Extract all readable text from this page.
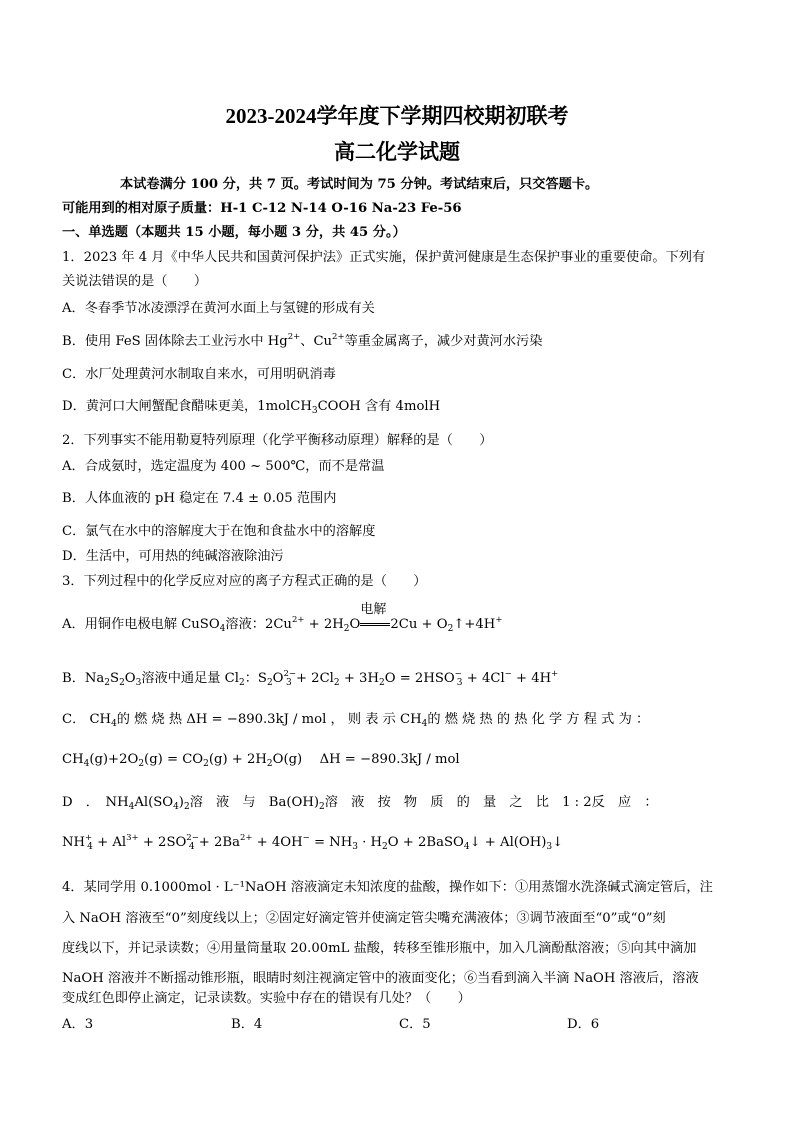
2023-2024学年度下学期四校期初联考
高二化学试题
本试卷满分 100 分，共 7 页。考试时间为 75 分钟。考试结束后，只交答题卡。
可能用到的相对原子质量：H-1 C-12 N-14 O-16 Na-23 Fe-56
一、单选题（本题共 15 小题，每小题 3 分，共 45 分。）
1．2023 年 4 月《中华人民共和国黄河保护法》正式实施，保护黄河健康是生态保护事业的重要使命。下列有
关说法错误的是（　　）
A．冬春季节冰凌漂浮在黄河水面上与氢键的形成有关
B．使用 FeS 固体除去工业污水中 $Hg^{2+}$、$Cu^{2+}$等重金属离子，减少对黄河水污染
C．水厂处理黄河水制取自来水，可用明矾消毒
D．黄河口大闸蟹配食醋味更美，1molCH$_3$COOH 含有 4molH
2．下列事实不能用勒夏特列原理（化学平衡移动原理）解释的是（　　）
A．合成氨时，选定温度为 400 ~ 500℃，而不是常温
B．人体血液的 pH 稳定在 7.4 ± 0.05 范围内
C．氯气在水中的溶解度大于在饱和食盐水中的溶解度
D．生活中，可用热的纯碱溶液除油污
3．下列过程中的化学反应对应的离子方程式正确的是（　　）
A．用铜作电极电解 CuSO$_4$溶液：$2Cu^{2+} + 2H_2O$
电解
$2Cu + O_2↑+4H^+$
B．$Na_2S_2O_3$溶液中通足量 $Cl_2$：$S_2O^{2-}_3 + 2Cl_2 + 3H_2O = 2HSO^-_3 + 4Cl^- + 4H^+$
C． $CH_4$的 燃 烧 热 ΔH = −890.3kJ / mol ， 则 表 示 $CH_4$的 燃 烧 热 的 热 化 学 方 程 式 为 ：
$CH_4(g)+2O_2(g) = CO_2(g) + 2H_2O(g)$　 ΔH = −890.3kJ / mol
D　．　$NH_4Al(SO_4)_2$溶　液　与　$Ba(OH)_2$溶　液　按　物　质　的　量　之　比　1 : 2反　应　：
$NH^+_4 + Al^{3+} + 2SO^{2-}_4 + 2Ba^{2+} + 4OH^- = NH_3 \cdot H_2O$ + 2BaSO$_4$↓ + $Al(OH)_3↓$
4．某同学用 0.1000mol · L⁻¹NaOH 溶液滴定未知浓度的盐酸，操作如下：①用蒸馏水洗涤碱式滴定管后，注
入 NaOH 溶液至“0”刻度线以上；②固定好滴定管并使滴定管尖嘴充满液体；③调节液面至“0”或“0”刻
度线以下，并记录读数；④用量筒量取 20.00mL 盐酸，转移至锥形瓶中，加入几滴酚酞溶液；⑤向其中滴加
NaOH 溶液并不断摇动锥形瓶，眼睛时刻注视滴定管中的液面变化；⑥当看到滴入半滴 NaOH 溶液后，溶液
变成红色即停止滴定，记录读数。实验中存在的错误有几处？（　　）
A．3	B．4	C．5	D．6
